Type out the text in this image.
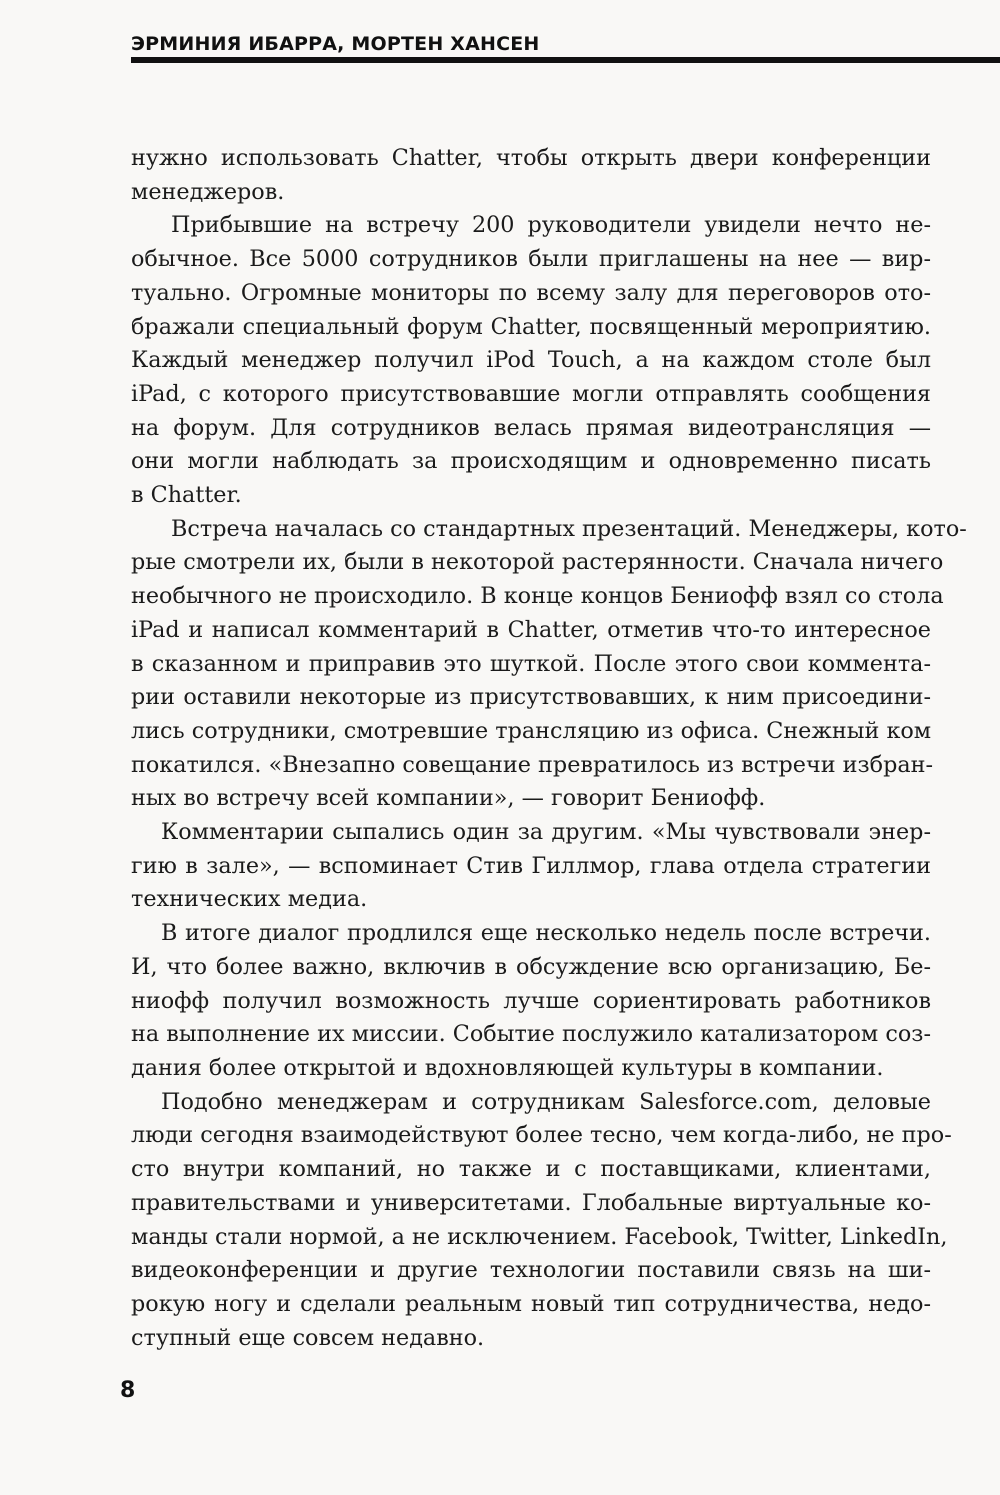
ЭРМИНИЯ ИБАРРА, МОРТЕН ХАНСЕН
нужно использовать Chatter, чтобы открыть двери конференции
менеджеров.
Прибывшие на встречу 200 руководители увидели нечто не-
обычное. Все 5000 сотрудников были приглашены на нее — вир-
туально. Огромные мониторы по всему залу для переговоров ото-
бражали специальный форум Chatter, посвященный мероприятию.
Каждый менеджер получил iPod Touch, а на каждом столе был
iPad, с которого присутствовавшие могли отправлять сообщения
на форум. Для сотрудников велась прямая видеотрансляция —
они могли наблюдать за происходящим и одновременно писать
в Chatter.
Встреча началась со стандартных презентаций. Менеджеры, кото-
рые смотрели их, были в некоторой растерянности. Сначала ничего
необычного не происходило. В конце концов Бениофф взял со стола
iPad и написал комментарий в Chatter, отметив что-то интересное
в сказанном и приправив это шуткой. После этого свои коммента-
рии оставили некоторые из присутствовавших, к ним присоедини-
лись сотрудники, смотревшие трансляцию из офиса. Снежный ком
покатился. «Внезапно совещание превратилось из встречи избран-
ных во встречу всей компании», — говорит Бениофф.
Комментарии сыпались один за другим. «Мы чувствовали энер-
гию в зале», — вспоминает Стив Гиллмор, глава отдела стратегии
технических медиа.
В итоге диалог продлился еще несколько недель после встречи.
И, что более важно, включив в обсуждение всю организацию, Бе-
ниофф получил возможность лучше сориентировать работников
на выполнение их миссии. Событие послужило катализатором соз-
дания более открытой и вдохновляющей культуры в компании.
Подобно менеджерам и сотрудникам Salesforce.com, деловые
люди сегодня взаимодействуют более тесно, чем когда-либо, не про-
сто внутри компаний, но также и с поставщиками, клиентами,
правительствами и университетами. Глобальные виртуальные ко-
манды стали нормой, а не исключением. Facebook, Twitter, LinkedIn,
видеоконференции и другие технологии поставили связь на ши-
рокую ногу и сделали реальным новый тип сотрудничества, недо-
ступный еще совсем недавно.
8
